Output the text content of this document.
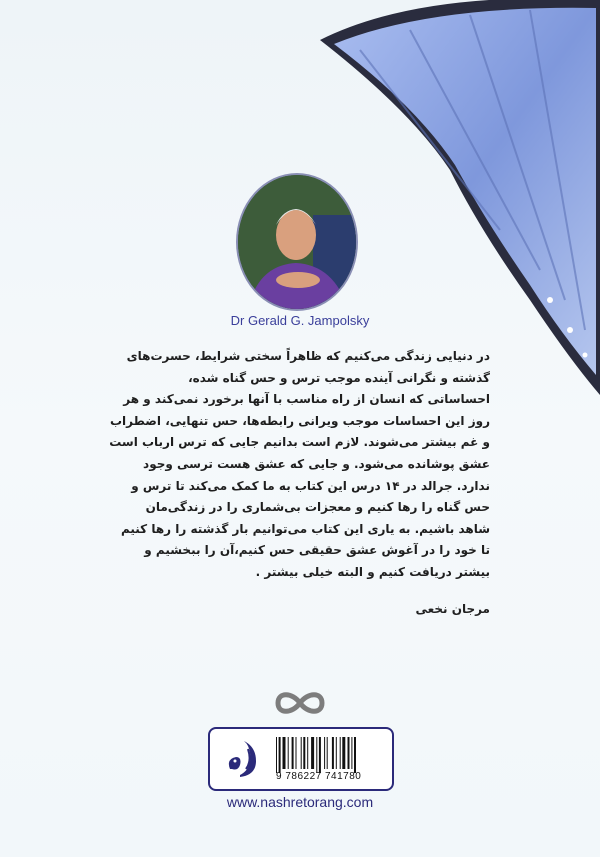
Dr Gerald G. Jampolsky
در دنیایی زندگی می‌کنیم که ظاهراً سختی شرایط، حسرت‌های
گذشته و نگرانی آینده موجب ترس و حس گناه شده،
احساساتی که انسان از راه مناسب با آنها برخورد نمی‌کند و هر
روز این احساسات موجب ویرانی رابطه‌ها، حس تنهایی، اضطراب
و غم بیشتر می‌شوند. لازم است بدانیم جایی که ترس ارباب است
عشق پوشانده می‌شود. و جایی که عشق هست ترسی وجود
ندارد. جرالد در ۱۴ درس این کتاب به ما کمک می‌کند تا ترس و
حس گناه را رها کنیم و معجزات بی‌شماری را در زندگی‌مان
شاهد باشیم. به یاری این کتاب می‌توانیم بار گذشته را رها کنیم
تا خود را در آغوش عشق حقیقی حس کنیم،آن را ببخشیم و
بیشتر دریافت کنیم و البته خیلی بیشتر .
مرجان نخعی
9 786227 741780
www.nashretorang.com
